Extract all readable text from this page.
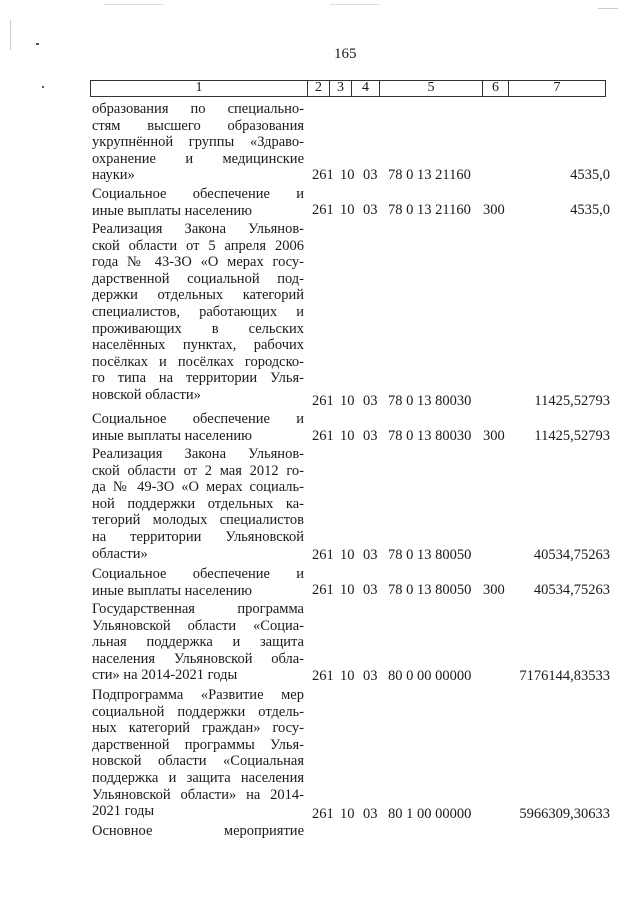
165
1	2	3	4	5	6	7
образования по специально-
стям высшего образования
укрупнённой группы «Здраво-
охранение и медицинские
науки»	261 10 03 78 0 13 21160	4535,0
Социальное обеспечение и
иные выплаты населению	261 10 03 78 0 13 21160 300	4535,0
Реализация Закона Ульянов-
ской области от 5 апреля 2006
года № 43-ЗО «О мерах госу-
дарственной социальной под-
держки отдельных категорий
специалистов, работающих и
проживающих в сельских
населённых пунктах, рабочих
посёлках и посёлках городско-
го типа на территории Улья-
новской области»	261 10 03 78 0 13 80030	11425,52793
Социальное обеспечение и
иные выплаты населению	261 10 03 78 0 13 80030 300 11425,52793
Реализация Закона Ульянов-
ской области от 2 мая 2012 го-
да № 49-ЗО «О мерах социаль-
ной поддержки отдельных ка-
тегорий молодых специалистов
на территории Ульяновской
области»	261 10 03 78 0 13 80050	40534,75263
Социальное обеспечение и
иные выплаты населению	261 10 03 78 0 13 80050 300 40534,75263
Государственная программа
Ульяновской области «Социа-
льная поддержка и защита
населения Ульяновской обла-
сти» на 2014-2021 годы	261 10 03 80 0 00 00000	7176144,83533
Подпрограмма «Развитие мер
социальной поддержки отдель-
ных категорий граждан» госу-
дарственной программы Улья-
новской области «Социальная
поддержка и защита населения
Ульяновской области» на 2014-
2021 годы	261 10 03 80 1 00 00000	5966309,30633
Основное мероприятие
